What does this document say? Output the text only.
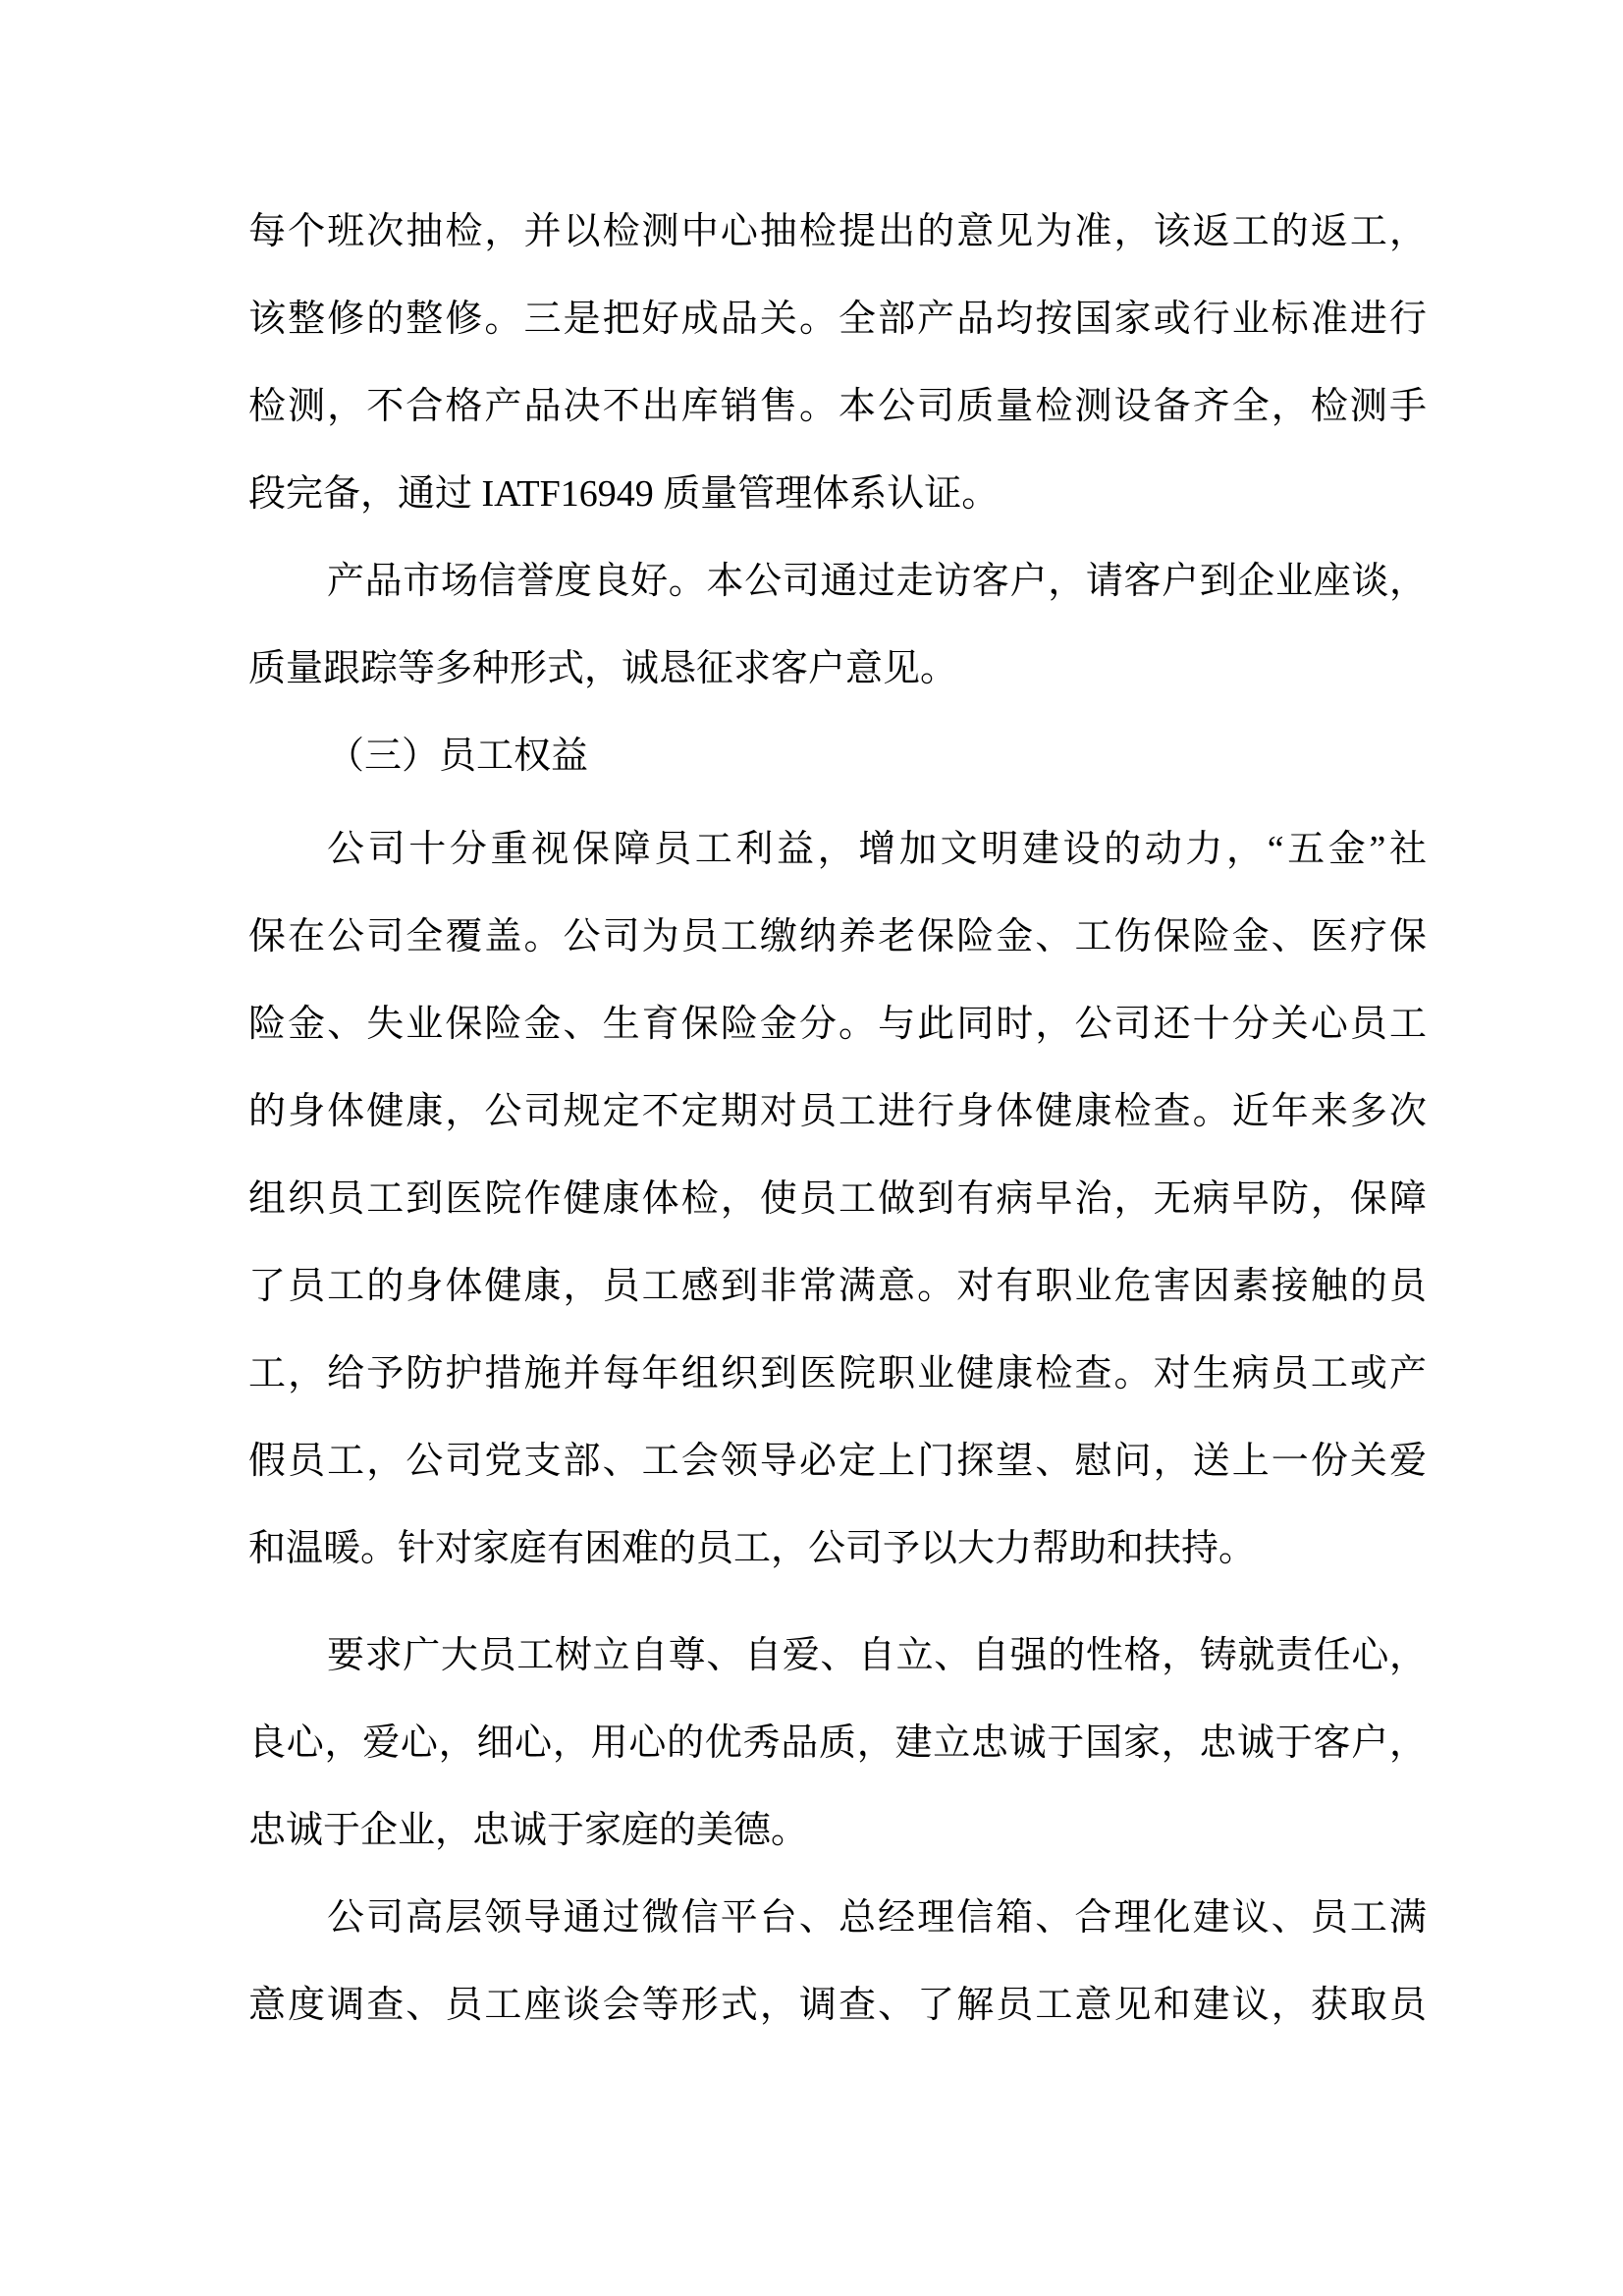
每个班次抽检，并以检测中心抽检提出的意见为准，该返工的返工，
该整修的整修。三是把好成品关。全部产品均按国家或行业标准进行
检测，不合格产品决不出库销售。本公司质量检测设备齐全，检测手
段完备，通过 IATF16949 质量管理体系认证。
产品市场信誉度良好。本公司通过走访客户，请客户到企业座谈，
质量跟踪等多种形式，诚恳征求客户意见。
（三）员工权益
公司十分重视保障员工利益，增加文明建设的动力，“五金”社
保在公司全覆盖。公司为员工缴纳养老保险金、工伤保险金、医疗保
险金、失业保险金、生育保险金分。与此同时，公司还十分关心员工
的身体健康，公司规定不定期对员工进行身体健康检查。近年来多次
组织员工到医院作健康体检，使员工做到有病早治，无病早防，保障
了员工的身体健康，员工感到非常满意。对有职业危害因素接触的员
工，给予防护措施并每年组织到医院职业健康检查。对生病员工或产
假员工，公司党支部、工会领导必定上门探望、慰问，送上一份关爱
和温暖。针对家庭有困难的员工，公司予以大力帮助和扶持。
要求广大员工树立自尊、自爱、自立、自强的性格，铸就责任心，
良心，爱心，细心，用心的优秀品质，建立忠诚于国家，忠诚于客户，
忠诚于企业，忠诚于家庭的美德。
公司高层领导通过微信平台、总经理信箱、合理化建议、员工满
意度调查、员工座谈会等形式，调查、了解员工意见和建议，获取员
